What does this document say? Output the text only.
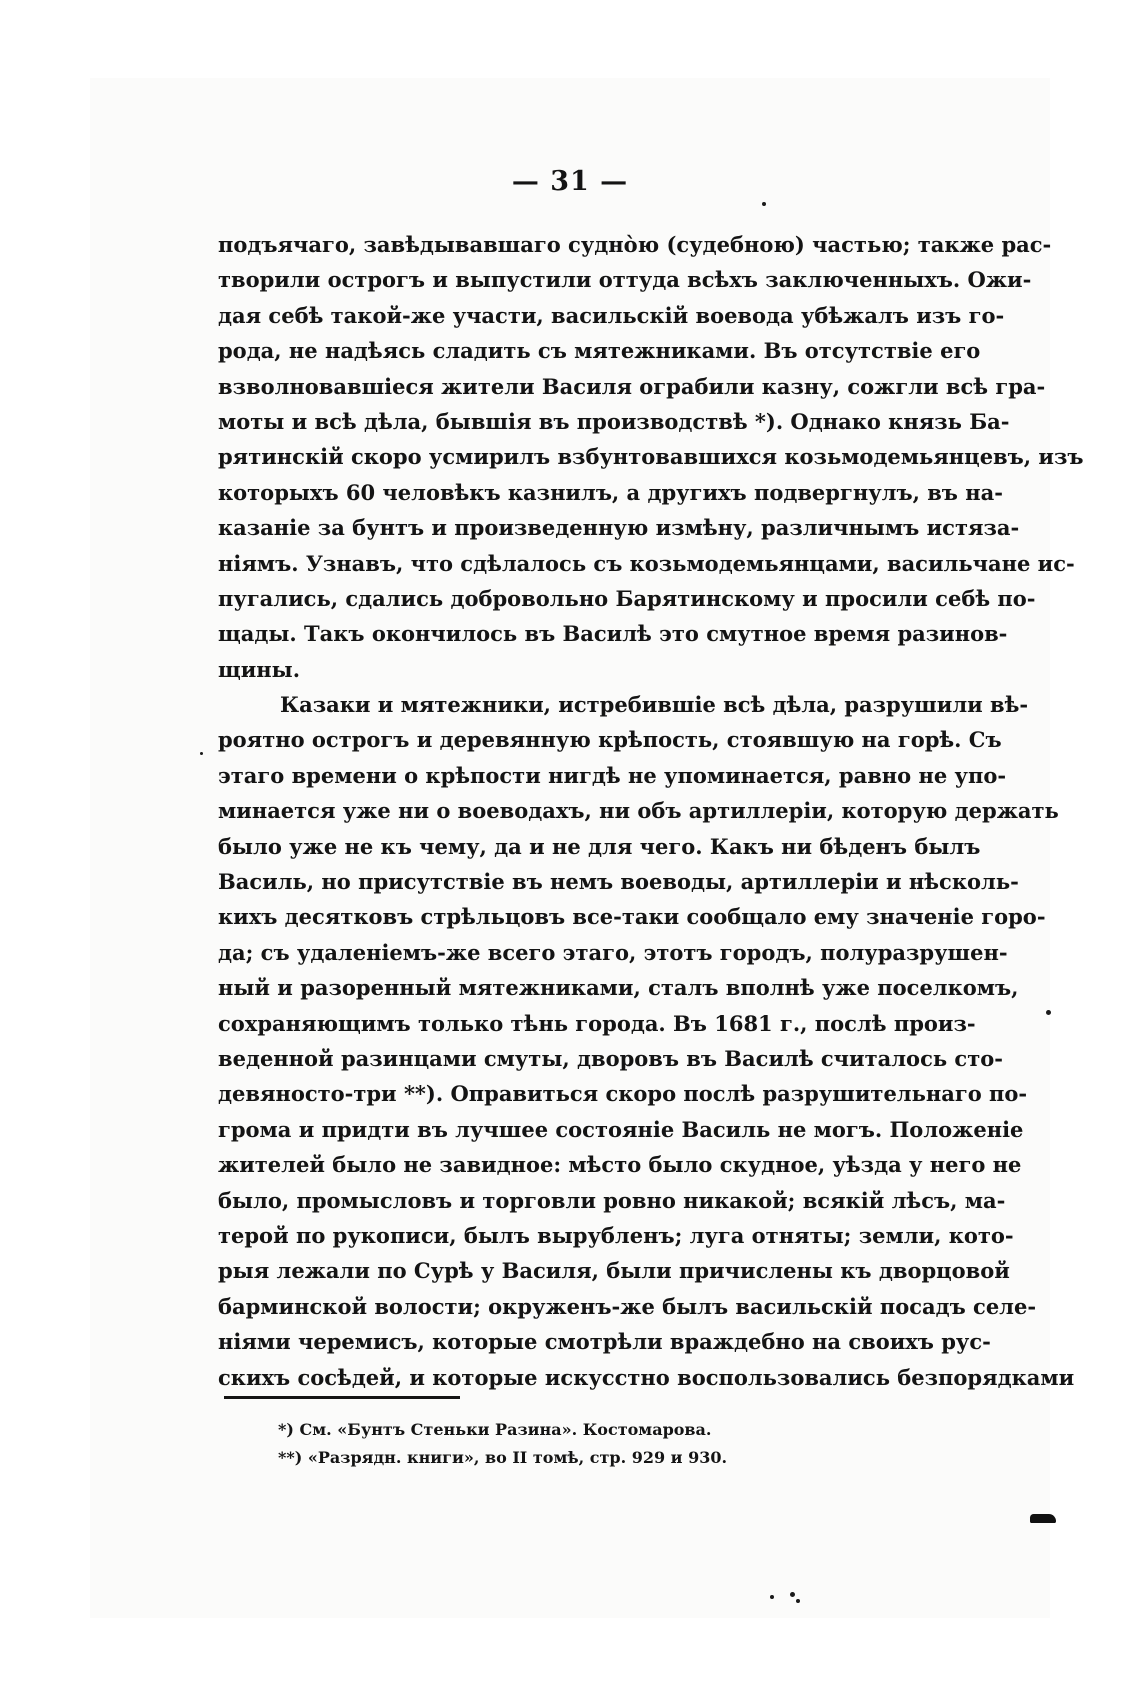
— 31 —
подъячаго, завѣдывавшаго суднòю (судебною) частью; также рас-
творили острогъ и выпустили оттуда всѣхъ заключенныхъ. Ожи-
дая себѣ такой-же участи, васильскій воевода убѣжалъ изъ го-
рода, не надѣясь сладить съ мятежниками. Въ отсутствіе его
взволновавшіеся жители Василя ограбили казну, сожгли всѣ гра-
моты и всѣ дѣла, бывшія въ производствѣ *). Однако князь Ба-
рятинскій скоро усмирилъ взбунтовавшихся козьмодемьянцевъ, изъ
которыхъ 60 человѣкъ казнилъ, а другихъ подвергнулъ, въ на-
казаніе за бунтъ и произведенную измѣну, различнымъ истяза-
ніямъ. Узнавъ, что сдѣлалось съ козьмодемьянцами, васильчане ис-
пугались, сдались добровольно Барятинскому и просили себѣ по-
щады. Такъ окончилось въ Василѣ это смутное время разинов-
щины.
Казаки и мятежники, истребившіе всѣ дѣла, разрушили вѣ-
роятно острогъ и деревянную крѣпость, стоявшую на горѣ. Съ
этаго времени о крѣпости нигдѣ не упоминается, равно не упо-
минается уже ни о воеводахъ, ни объ артиллеріи, которую держать
было уже не къ чему, да и не для чего. Какъ ни бѣденъ былъ
Василь, но присутствіе въ немъ воеводы, артиллеріи и нѣсколь-
кихъ десятковъ стрѣльцовъ все-таки сообщало ему значеніе горо-
да; съ удаленіемъ-же всего этаго, этотъ городъ, полуразрушен-
ный и разоренный мятежниками, сталъ вполнѣ уже поселкомъ,
сохраняющимъ только тѣнь города. Въ 1681 г., послѣ произ-
веденной разинцами смуты, дворовъ въ Василѣ считалось сто-
девяносто-три **). Оправиться скоро послѣ разрушительнаго по-
грома и придти въ лучшее состояніе Василь не могъ. Положеніе
жителей было не завидное: мѣсто было скудное, уѣзда у него не
было, промысловъ и торговли ровно никакой; всякій лѣсъ, ма-
терой по рукописи, былъ вырубленъ; луга отняты; земли, кото-
рыя лежали по Сурѣ у Василя, были причислены къ дворцовой
барминской волости; окруженъ-же былъ васильскій посадъ селе-
ніями черемисъ, которые смотрѣли враждебно на своихъ рус-
скихъ сосѣдей, и которые искусстно воспользовались безпорядками
*) См. «Бунтъ Стеньки Разина». Костомарова.
**) «Разрядн. книги», во II томѣ, стр. 929 и 930.
